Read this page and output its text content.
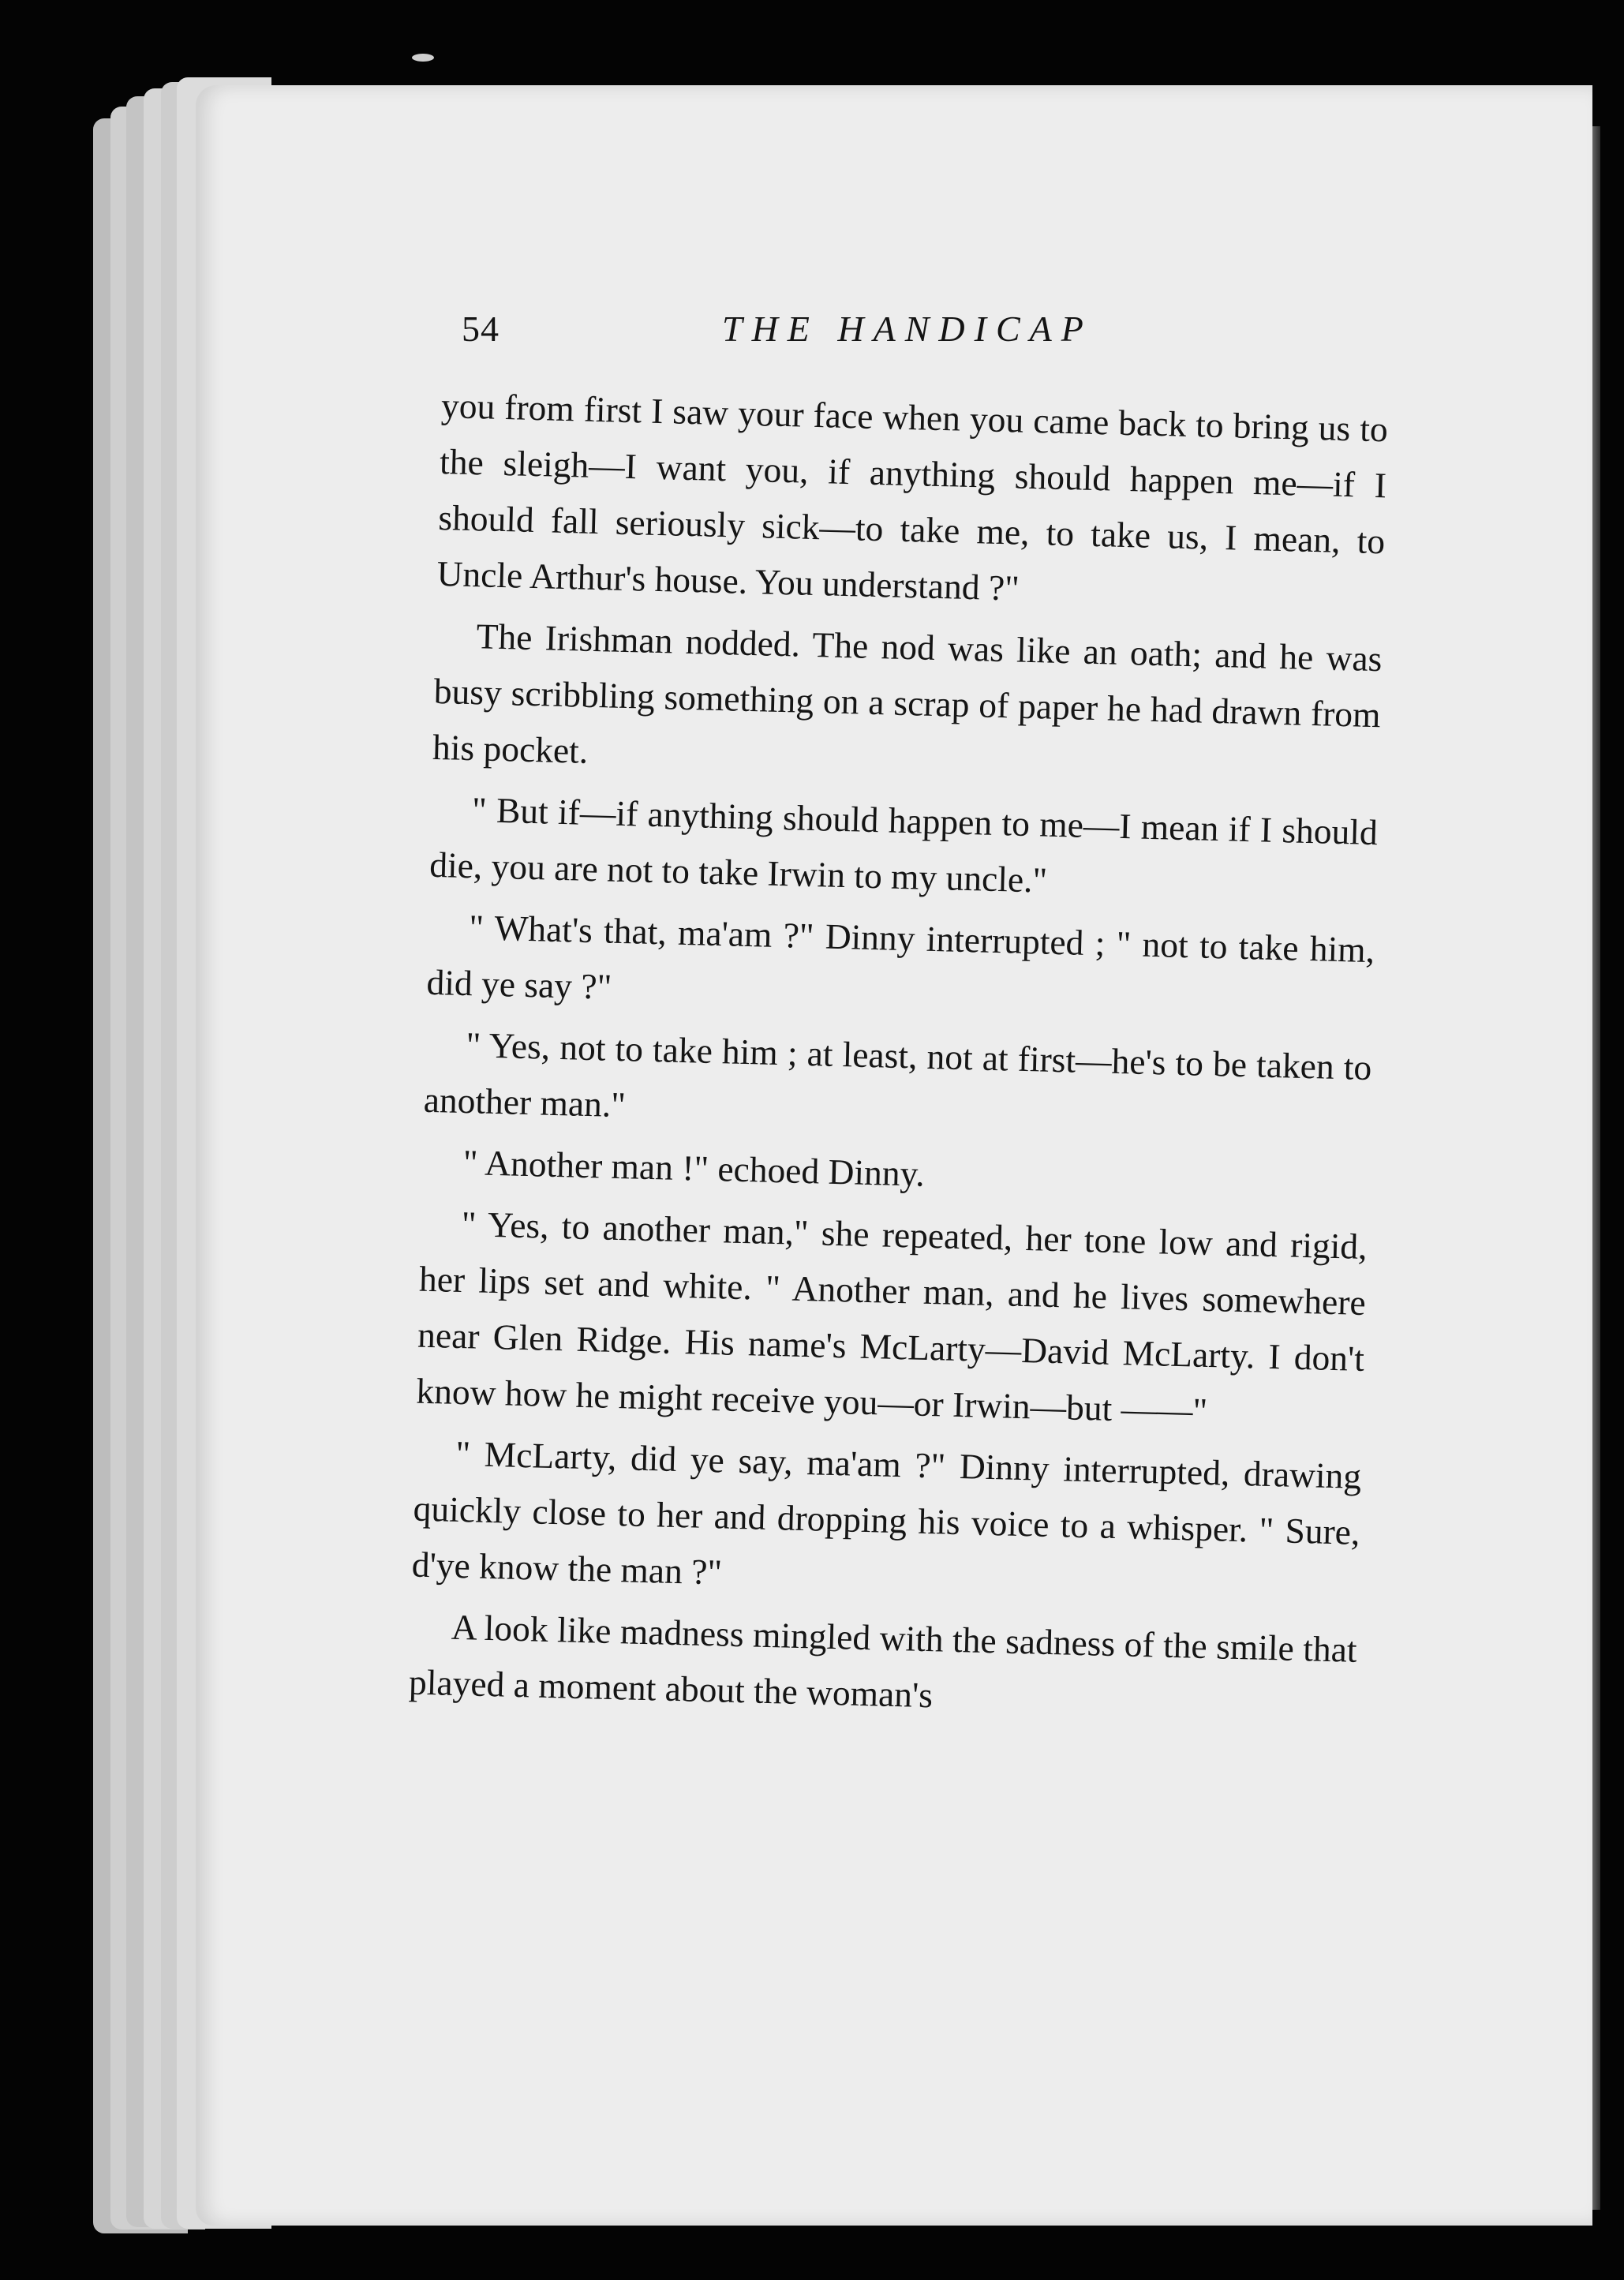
54	THE HANDICAP

you from first I saw your face when you came back to bring us to the sleigh—I want you, if anything should happen me—if I should fall seriously sick—to take me, to take us, I mean, to Uncle Arthur's house. You understand ?"

The Irishman nodded. The nod was like an oath; and he was busy scribbling something on a scrap of paper he had drawn from his pocket.

" But if—if anything should happen to me—I mean if I should die, you are not to take Irwin to my uncle."

" What's that, ma'am ?" Dinny interrupted ; " not to take him, did ye say ?"

" Yes, not to take him ; at least, not at first—he's to be taken to another man."

" Another man !" echoed Dinny.

" Yes, to another man," she repeated, her tone low and rigid, her lips set and white. " Another man, and he lives somewhere near Glen Ridge. His name's McLarty—David McLarty. I don't know how he might receive you—or Irwin—but ——"

" McLarty, did ye say, ma'am ?" Dinny interrupted, drawing quickly close to her and dropping his voice to a whisper. " Sure, d'ye know the man ?"

A look like madness mingled with the sadness of the smile that played a moment about the woman's
